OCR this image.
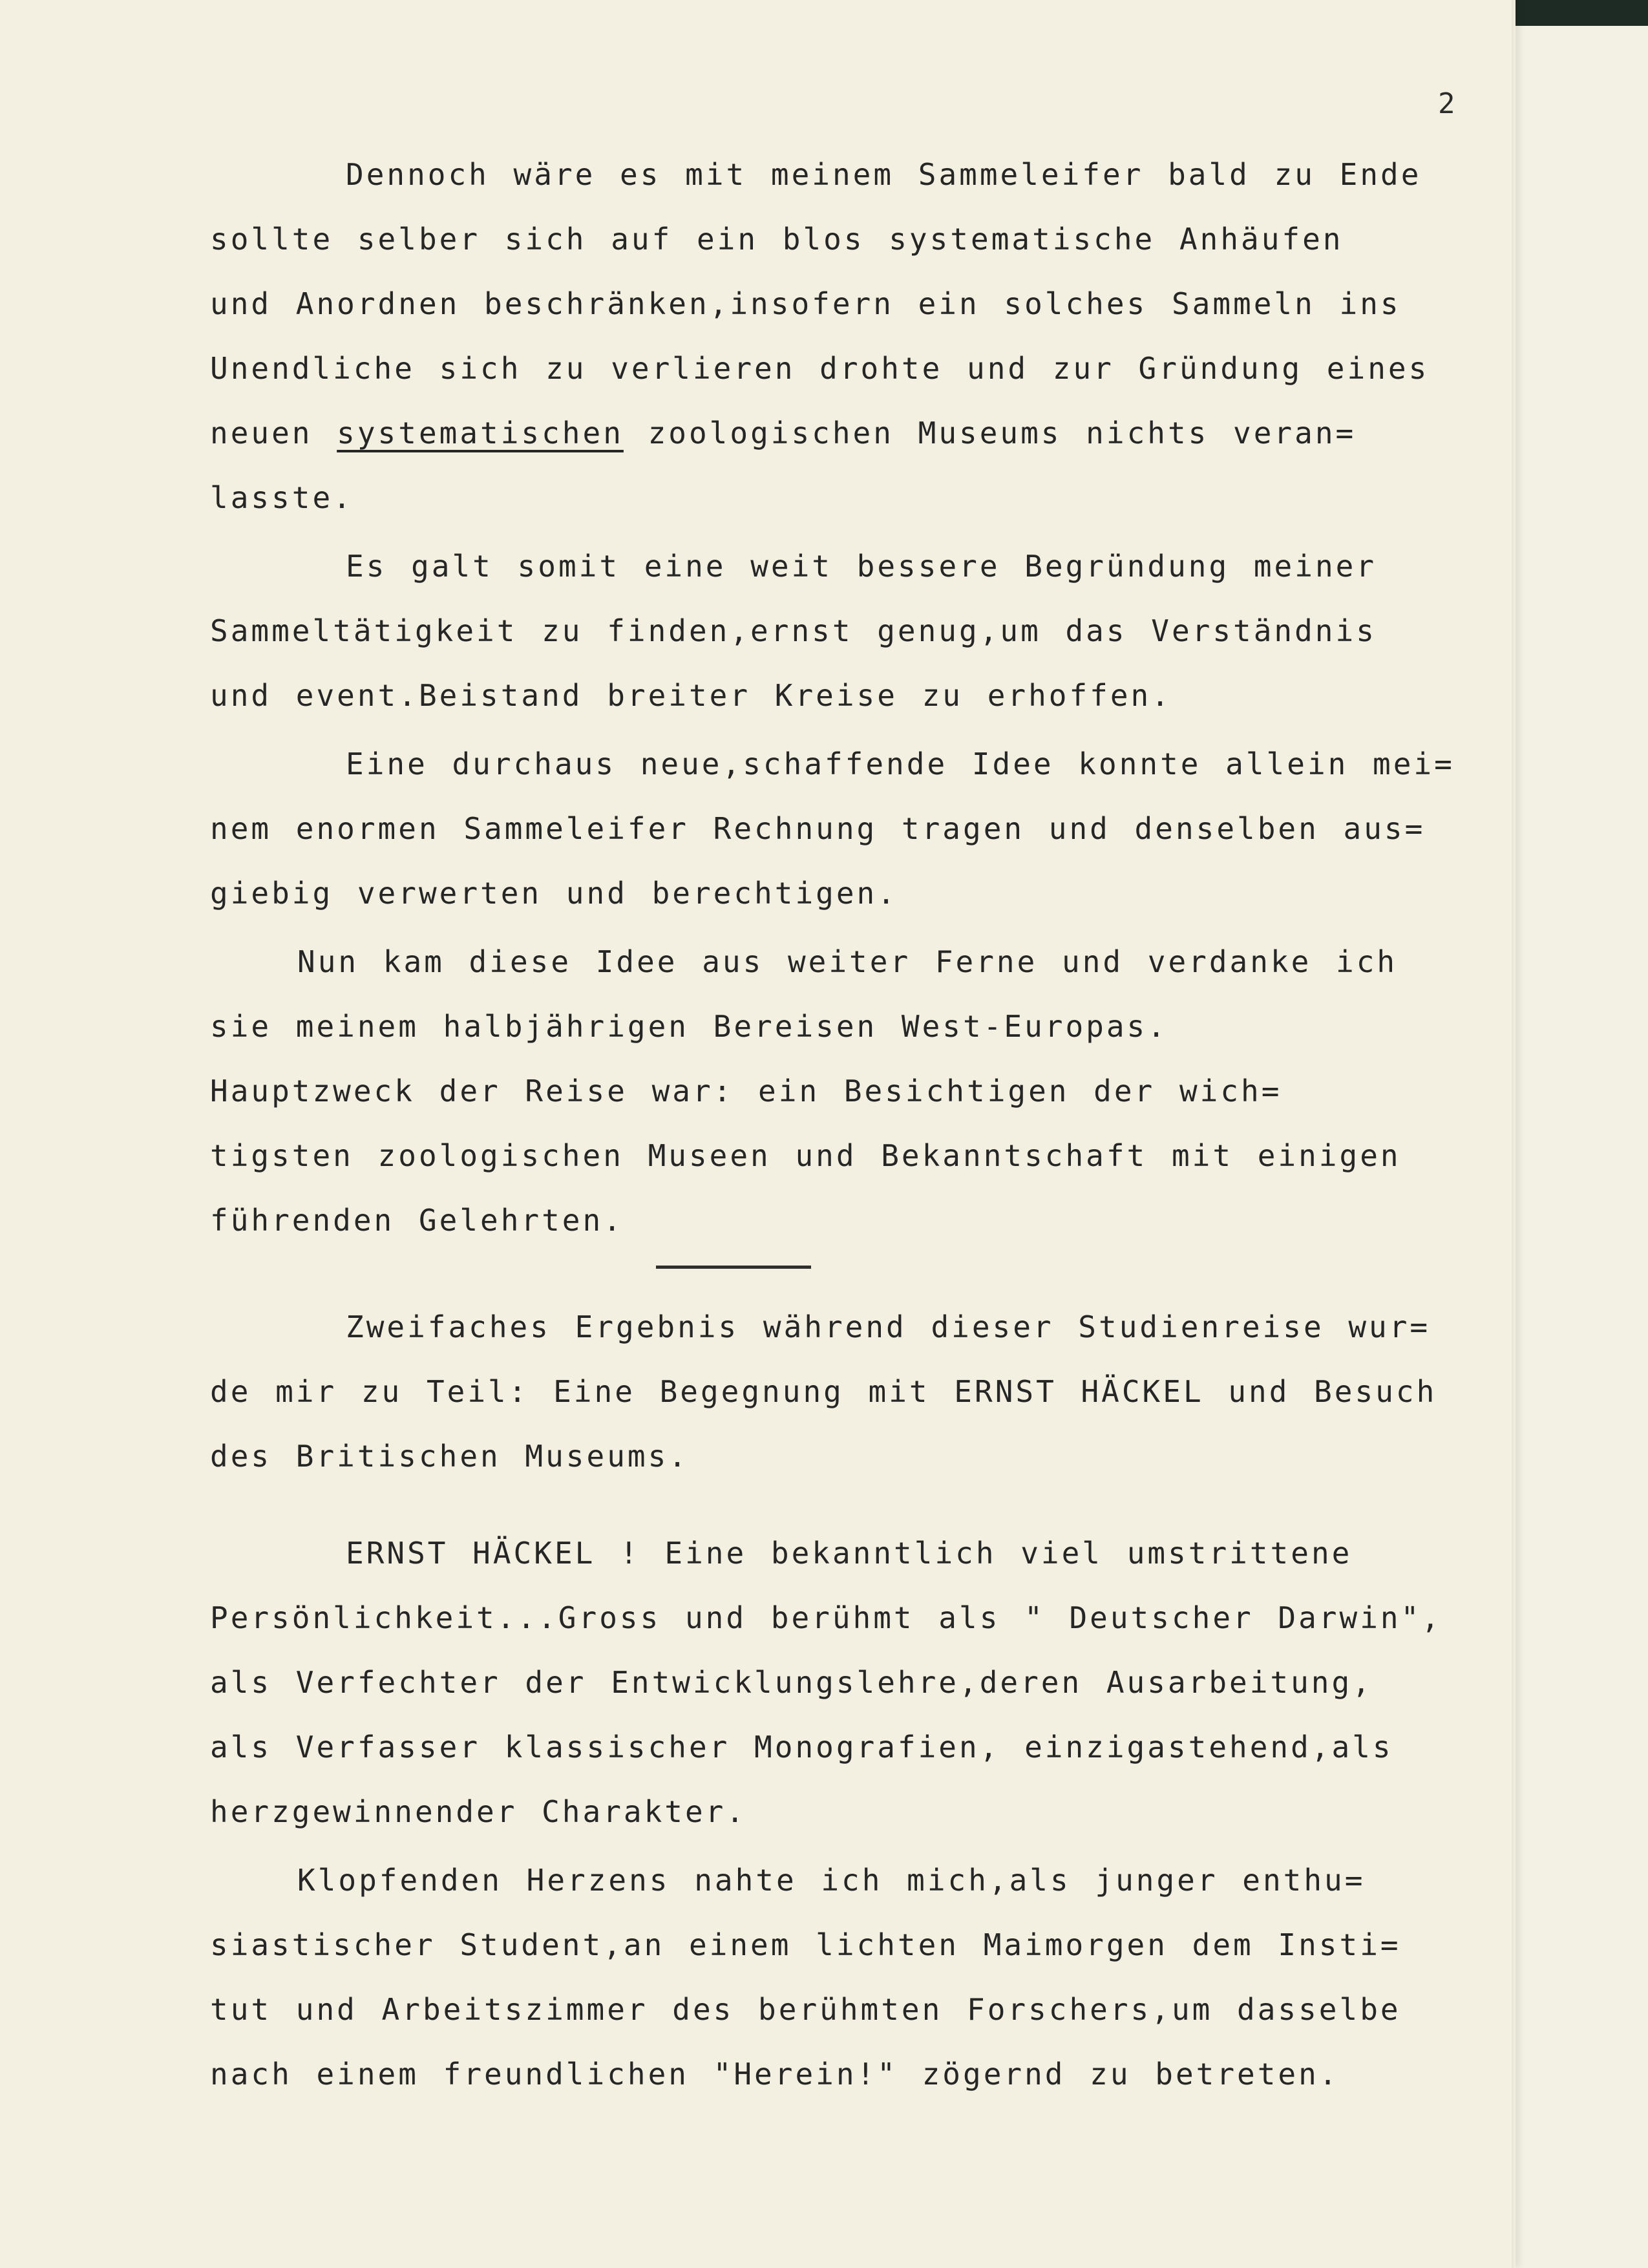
2
Dennoch wäre es mit meinem Sammeleifer bald zu Ende
sollte selber sich auf ein blos systematische Anhäufen
und Anordnen beschränken,insofern ein solches Sammeln ins
Unendliche sich zu verlieren drohte und zur Gründung eines
neuen systematischen zoologischen Museums nichts veran=
lasste.
Es galt somit eine weit bessere Begründung meiner
Sammeltätigkeit zu finden,ernst genug,um das Verständnis
und event.Beistand breiter Kreise zu erhoffen.
Eine durchaus neue,schaffende Idee konnte allein mei=
nem enormen Sammeleifer Rechnung tragen und denselben aus=
giebig verwerten und berechtigen.
Nun kam diese Idee aus weiter Ferne und verdanke ich
sie meinem halbjährigen Bereisen West-Europas.
Hauptzweck der Reise war: ein Besichtigen der wich=
tigsten zoologischen Museen und Bekanntschaft mit einigen
führenden Gelehrten.
Zweifaches Ergebnis während dieser Studienreise wur=
de mir zu Teil: Eine Begegnung mit ERNST HÄCKEL und Besuch
des Britischen Museums.
ERNST HÄCKEL ! Eine bekanntlich viel umstrittene
Persönlichkeit...Gross und berühmt als " Deutscher Darwin",
als Verfechter der Entwicklungslehre,deren Ausarbeitung,
als Verfasser klassischer Monografien, einzigastehend,als
herzgewinnender Charakter.
Klopfenden Herzens nahte ich mich,als junger enthu=
siastischer Student,an einem lichten Maimorgen dem Insti=
tut und Arbeitszimmer des berühmten Forschers,um dasselbe
nach einem freundlichen "Herein!" zögernd zu betreten.
